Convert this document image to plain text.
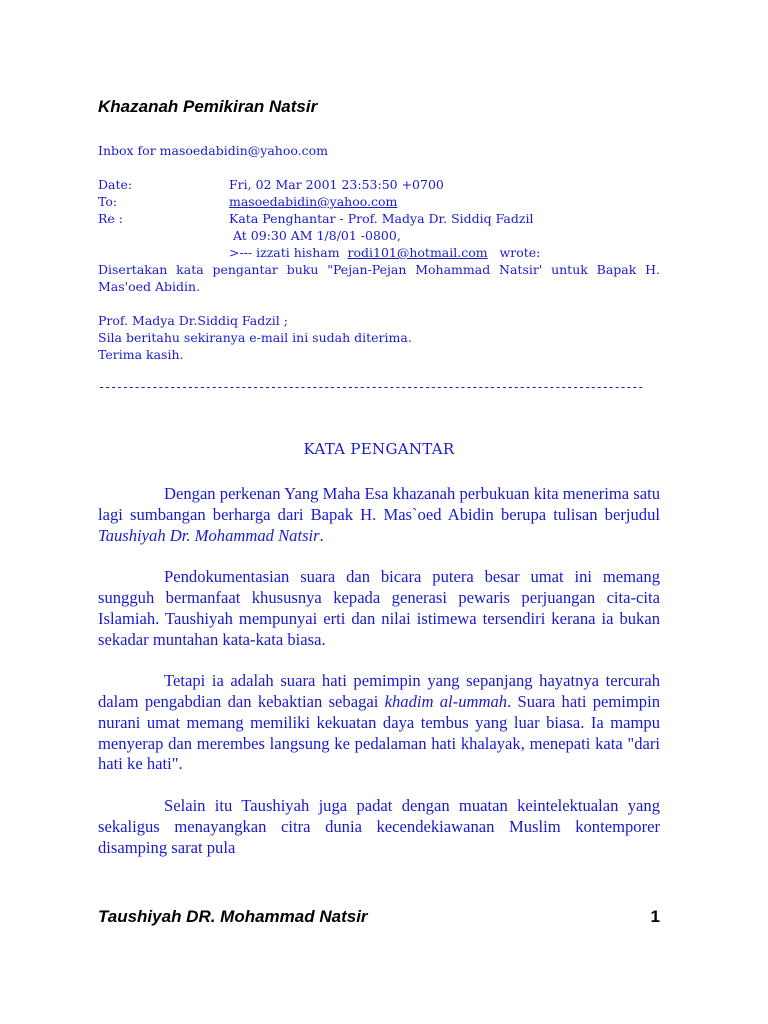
Khazanah Pemikiran Natsir
Inbox for masoedabidin@yahoo.com
Date:	Fri, 02 Mar 2001 23:53:50 +0700
To:	masoedabidin@yahoo.com
Re :	Kata Penghantar - Prof. Madya Dr. Siddiq Fadzil
At 09:30 AM 1/8/01 -0800,
>--- izzati hisham  rodi101@hotmail.com   wrote:
Disertakan kata pengantar buku "Pejan-Pejan Mohammad Natsir' untuk Bapak H. Mas'oed Abidin.
Prof. Madya Dr.Siddiq Fadzil ;
Sila beritahu sekiranya e-mail ini sudah diterima.
Terima kasih.
--------------------------------------------------------------------------------------------
KATA PENGANTAR

Dengan perkenan Yang Maha Esa khazanah perbukuan kita menerima satu lagi sumbangan berharga dari Bapak H. Mas`oed Abidin berupa tulisan berjudul Taushiyah Dr. Mohammad Natsir.

Pendokumentasian suara dan bicara putera besar umat ini memang sungguh bermanfaat khususnya kepada generasi pewaris perjuangan cita-cita Islamiah. Taushiyah mempunyai erti dan nilai istimewa tersendiri kerana ia bukan sekadar muntahan kata-kata biasa.

Tetapi ia adalah suara hati pemimpin yang sepanjang hayatnya tercurah dalam pengabdian dan kebaktian sebagai khadim al-ummah. Suara hati pemimpin nurani umat memang memiliki kekuatan daya tembus yang luar biasa. Ia mampu menyerap dan merembes langsung ke pedalaman hati khalayak, menepati kata "dari hati ke hati".

Selain itu Taushiyah juga padat dengan muatan keintelektualan yang sekaligus menayangkan citra dunia kecendekiawanan Muslim kontemporer disamping sarat pula

Taushiyah DR. Mohammad Natsir	1
